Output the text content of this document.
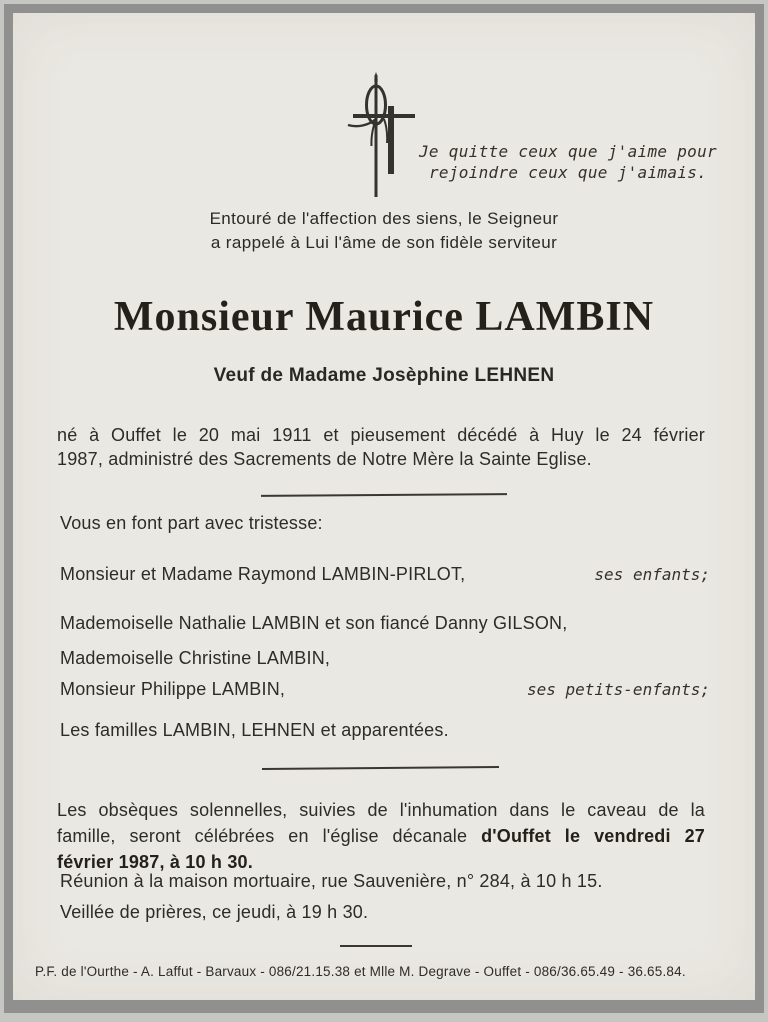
Je quitte ceux que j'aime pour
rejoindre ceux que j'aimais.
Entouré de l'affection des siens, le Seigneur
a rappelé à Lui l'âme de son fidèle serviteur
Monsieur Maurice LAMBIN
Veuf de Madame Josèphine LEHNEN
né à Ouffet le 20 mai 1911 et pieusement décédé à Huy le 24 février
1987, administré des Sacrements de Notre Mère la Sainte Eglise.
Vous en font part avec tristesse:
Monsieur et Madame Raymond LAMBIN-PIRLOT,	ses enfants;
Mademoiselle Nathalie LAMBIN et son fiancé Danny GILSON,
Mademoiselle Christine LAMBIN,
Monsieur Philippe LAMBIN,	ses petits-enfants;
Les familles LAMBIN, LEHNEN et apparentées.
Les obsèques solennelles, suivies de l'inhumation dans le caveau de la
famille, seront célébrées en l'église décanale d'Ouffet le vendredi 27
février 1987, à 10 h 30.
Réunion à la maison mortuaire, rue Sauvenière, n° 284, à 10 h 15.
Veillée de prières, ce jeudi, à 19 h 30.
P.F. de l'Ourthe - A. Laffut - Barvaux - 086/21.15.38 et Mlle M. Degrave - Ouffet - 086/36.65.49 - 36.65.84.
